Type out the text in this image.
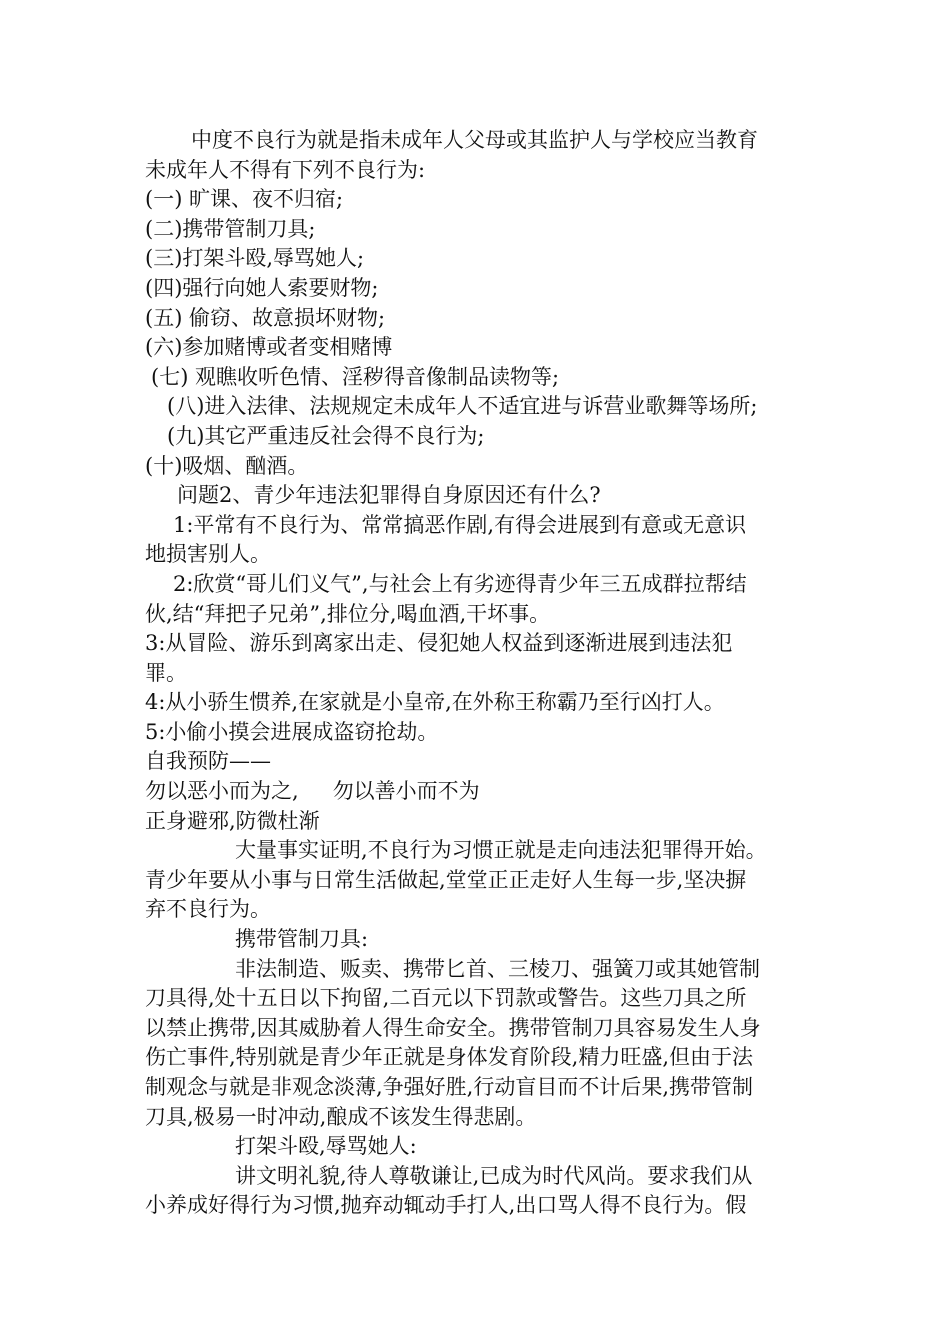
中度不良行为就是指未成年人父母或其监护人与学校应当教育
未成年人不得有下列不良行为:
(一) 旷课、夜不归宿;
(二)携带管制刀具;
(三)打架斗殴,辱骂她人;
(四)强行向她人索要财物;
(五) 偷窃、故意损坏财物;
(六)参加赌博或者变相赌博
(七) 观瞧收听色情、淫秽得音像制品读物等;
(八)进入法律、法规规定未成年人不适宜进与诉营业歌舞等场所;
(九)其它严重违反社会得不良行为;
(十)吸烟、酗酒。
问题2、青少年违法犯罪得自身原因还有什么?
1:平常有不良行为、常常搞恶作剧,有得会进展到有意或无意识
地损害别人。
2:欣赏“哥儿们义气”,与社会上有劣迹得青少年三五成群拉帮结
伙,结“拜把子兄弟”,排位分,喝血酒,干坏事。
3:从冒险、游乐到离家出走、侵犯她人权益到逐渐进展到违法犯
罪。
4:从小骄生惯养,在家就是小皇帝,在外称王称霸乃至行凶打人。
5:小偷小摸会进展成盗窃抢劫。
自我预防——
勿以恶小而为之, 勿以善小而不为
正身避邪,防微杜渐
大量事实证明,不良行为习惯正就是走向违法犯罪得开始。
青少年要从小事与日常生活做起,堂堂正正走好人生每一步,坚决摒
弃不良行为。
携带管制刀具:
非法制造、贩卖、携带匕首、三棱刀、强簧刀或其她管制
刀具得,处十五日以下拘留,二百元以下罚款或警告。这些刀具之所
以禁止携带,因其威胁着人得生命安全。携带管制刀具容易发生人身
伤亡事件,特别就是青少年正就是身体发育阶段,精力旺盛,但由于法
制观念与就是非观念淡薄,争强好胜,行动盲目而不计后果,携带管制
刀具,极易一时冲动,酿成不该发生得悲剧。
打架斗殴,辱骂她人:
讲文明礼貌,待人尊敬谦让,已成为时代风尚。要求我们从
小养成好得行为习惯,抛弃动辄动手打人,出口骂人得不良行为。假
